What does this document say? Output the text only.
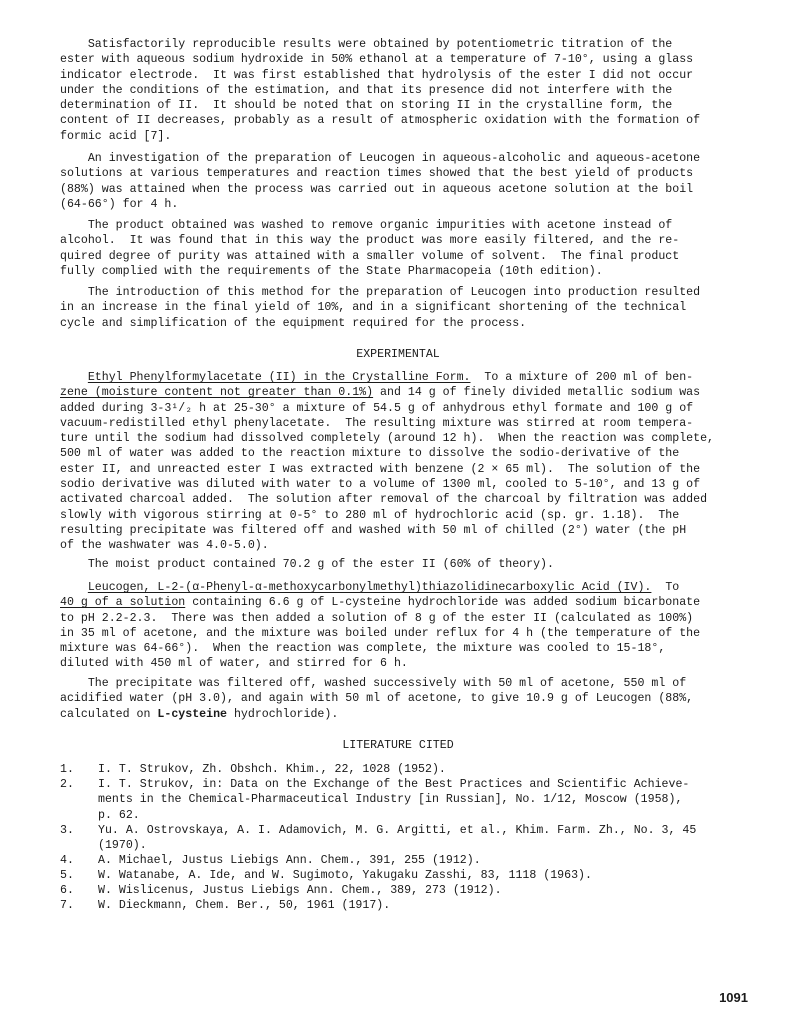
Satisfactorily reproducible results were obtained by potentiometric titration of the
ester with aqueous sodium hydroxide in 50% ethanol at a temperature of 7-10°, using a glass
indicator electrode.  It was first established that hydrolysis of the ester I did not occur
under the conditions of the estimation, and that its presence did not interfere with the
determination of II.  It should be noted that on storing II in the crystalline form, the
content of II decreases, probably as a result of atmospheric oxidation with the formation of
formic acid [7].
An investigation of the preparation of Leucogen in aqueous-alcoholic and aqueous-acetone
solutions at various temperatures and reaction times showed that the best yield of products
(88%) was attained when the process was carried out in aqueous acetone solution at the boil
(64-66°) for 4 h.
The product obtained was washed to remove organic impurities with acetone instead of
alcohol.  It was found that in this way the product was more easily filtered, and the re-
quired degree of purity was attained with a smaller volume of solvent.  The final product
fully complied with the requirements of the State Pharmacopeia (10th edition).
The introduction of this method for the preparation of Leucogen into production resulted
in an increase in the final yield of 10%, and in a significant shortening of the technical
cycle and simplification of the equipment required for the process.
EXPERIMENTAL
Ethyl Phenylformylacetate (II) in the Crystalline Form.  To a mixture of 200 ml of ben-
zene (moisture content not greater than 0.1%) and 14 g of finely divided metallic sodium was
added during 3-3¹/₂ h at 25-30° a mixture of 54.5 g of anhydrous ethyl formate and 100 g of
vacuum-redistilled ethyl phenylacetate.  The resulting mixture was stirred at room tempera-
ture until the sodium had dissolved completely (around 12 h).  When the reaction was complete,
500 ml of water was added to the reaction mixture to dissolve the sodio-derivative of the
ester II, and unreacted ester I was extracted with benzene (2 × 65 ml).  The solution of the
sodio derivative was diluted with water to a volume of 1300 ml, cooled to 5-10°, and 13 g of
activated charcoal added.  The solution after removal of the charcoal by filtration was added
slowly with vigorous stirring at 0-5° to 280 ml of hydrochloric acid (sp. gr. 1.18).  The
resulting precipitate was filtered off and washed with 50 ml of chilled (2°) water (the pH
of the washwater was 4.0-5.0).
The moist product contained 70.2 g of the ester II (60% of theory).
Leucogen, L-2-(α-Phenyl-α-methoxycarbonylmethyl)thiazolidinecarboxylic Acid (IV).  To
40 g of a solution containing 6.6 g of L-cysteine hydrochloride was added sodium bicarbonate
to pH 2.2-2.3.  There was then added a solution of 8 g of the ester II (calculated as 100%)
in 35 ml of acetone, and the mixture was boiled under reflux for 4 h (the temperature of the
mixture was 64-66°).  When the reaction was complete, the mixture was cooled to 15-18°,
diluted with 450 ml of water, and stirred for 6 h.
The precipitate was filtered off, washed successively with 50 ml of acetone, 550 ml of
acidified water (pH 3.0), and again with 50 ml of acetone, to give 10.9 g of Leucogen (88%,
calculated on L-cysteine hydrochloride).
LITERATURE CITED
1.	I. T. Strukov, Zh. Obshch. Khim., 22, 1028 (1952).
2.	I. T. Strukov, in: Data on the Exchange of the Best Practices and Scientific Achieve-
ments in the Chemical-Pharmaceutical Industry [in Russian], No. 1/12, Moscow (1958),
p. 62.
3.	Yu. A. Ostrovskaya, A. I. Adamovich, M. G. Argitti, et al., Khim. Farm. Zh., No. 3, 45
(1970).
4.	A. Michael, Justus Liebigs Ann. Chem., 391, 255 (1912).
5.	W. Watanabe, A. Ide, and W. Sugimoto, Yakugaku Zasshi, 83, 1118 (1963).
6.	W. Wislicenus, Justus Liebigs Ann. Chem., 389, 273 (1912).
7.	W. Dieckmann, Chem. Ber., 50, 1961 (1917).
1091
